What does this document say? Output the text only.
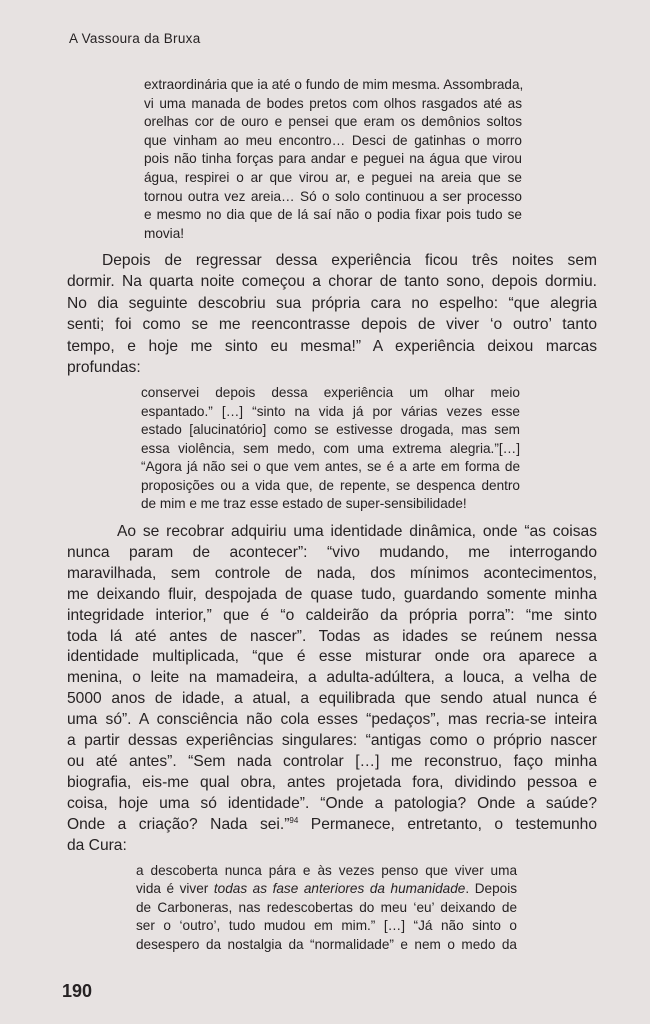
A Vassoura da Bruxa

extraordinária que ia até o fundo de mim mesma. Assombrada,
vi uma manada de bodes pretos com olhos rasgados até as
orelhas cor de ouro e pensei que eram os demônios soltos
que vinham ao meu encontro… Desci de gatinhas o morro
pois não tinha forças para andar e peguei na água que virou
água, respirei o ar que virou ar, e peguei na areia que se
tornou outra vez areia… Só o solo continuou a ser processo
e mesmo no dia que de lá saí não o podia fixar pois tudo se
movia!
Depois de regressar dessa experiência ficou três noites sem
dormir. Na quarta noite começou a chorar de tanto sono, depois dormiu.
No dia seguinte descobriu sua própria cara no espelho: “que alegria
senti; foi como se me reencontrasse depois de viver ‘o outro’ tanto
tempo, e hoje me sinto eu mesma!” A experiência deixou marcas
profundas:
conservei depois dessa experiência um olhar meio
espantado.” […] “sinto na vida já por várias vezes esse
estado [alucinatório] como se estivesse drogada, mas sem
essa violência, sem medo, com uma extrema alegria.”[…]
“Agora já não sei o que vem antes, se é a arte em forma de
proposições ou a vida que, de repente, se despenca dentro
de mim e me traz esse estado de super-sensibilidade!
Ao se recobrar adquiriu uma identidade dinâmica, onde “as coisas
nunca param de acontecer”: “vivo mudando, me interrogando
maravilhada, sem controle de nada, dos mínimos acontecimentos,
me deixando fluir, despojada de quase tudo, guardando somente minha
integridade interior,” que é “o caldeirão da própria porra”: “me sinto
toda lá até antes de nascer”. Todas as idades se reúnem nessa
identidade multiplicada, “que é esse misturar onde ora aparece a
menina, o leite na mamadeira, a adulta-adúltera, a louca, a velha de
5000 anos de idade, a atual, a equilibrada que sendo atual nunca é
uma só”. A consciência não cola esses “pedaços”, mas recria-se inteira
a partir dessas experiências singulares: “antigas como o próprio nascer
ou até antes”. “Sem nada controlar […] me reconstruo, faço minha
biografia, eis-me qual obra, antes projetada fora, dividindo pessoa e
coisa, hoje uma só identidade”. “Onde a patologia? Onde a saúde?
Onde a criação? Nada sei.”$^{94}$ Permanece, entretanto, o testemunho
da Cura:
a descoberta nunca pára e às vezes penso que viver uma
vida é viver todas as fase anteriores da humanidade. Depois
de Carboneras, nas redescobertas do meu ‘eu’ deixando de
ser o ‘outro’, tudo mudou em mim.” […] “Já não sinto o
desespero da nostalgia da “normalidade” e nem o medo da

190
